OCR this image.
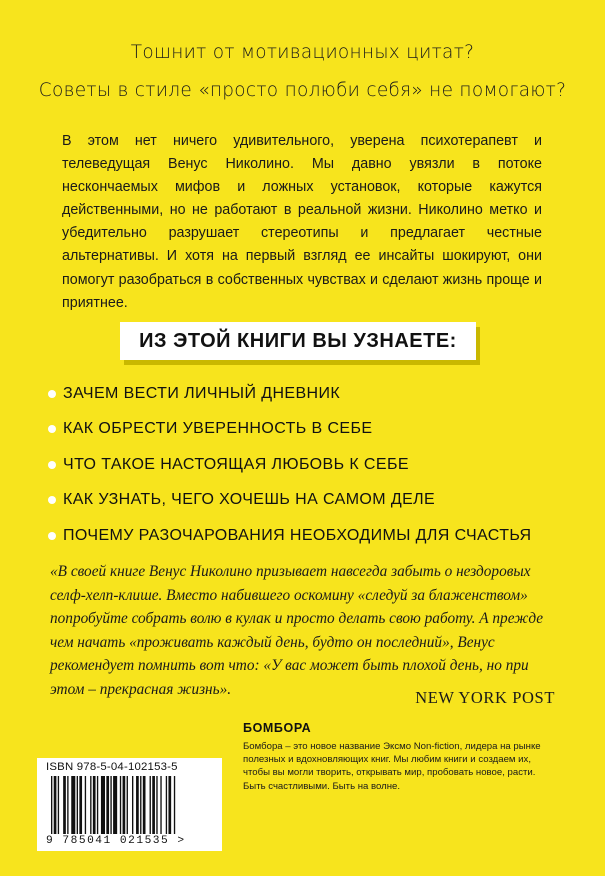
Тошнит от мотивационных цитат?
Советы в стиле «просто полюби себя» не помогают?
В этом нет ничего удивительного, уверена психотерапевт и телеведущая Венус Николино. Мы давно увязли в потоке нескончаемых мифов и ложных установок, которые кажутся действенными, но не работают в реальной жизни. Николино метко и убедительно разрушает стереотипы и предлагает честные альтернативы. И хотя на первый взгляд ее инсайты шокируют, они помогут разобраться в собственных чувствах и сделают жизнь проще и приятнее.
ИЗ ЭТОЙ КНИГИ ВЫ УЗНАЕТЕ:
ЗАЧЕМ ВЕСТИ ЛИЧНЫЙ ДНЕВНИК
КАК ОБРЕСТИ УВЕРЕННОСТЬ В СЕБЕ
ЧТО ТАКОЕ НАСТОЯЩАЯ ЛЮБОВЬ К СЕБЕ
КАК УЗНАТЬ, ЧЕГО ХОЧЕШЬ НА САМОМ ДЕЛЕ
ПОЧЕМУ РАЗОЧАРОВАНИЯ НЕОБХОДИМЫ ДЛЯ СЧАСТЬЯ
«В своей книге Венус Николино призывает навсегда забыть о нездоровых селф-хелп-клише. Вместо набившего оскомину «следуй за блаженством» попробуйте собрать волю в кулак и просто делать свою работу. А прежде чем начать «проживать каждый день, будто он последний», Венус рекомендует помнить вот что: «У вас может быть плохой день, но при этом – прекрасная жизнь».	NEW YORK POST
ISBN 978-5-04-102153-5
9 785041 021535 >
БОМБОРА
Бомбора – это новое название Эксмо Non-fiction, лидера на рынке полезных и вдохновляющих книг. Мы любим книги и создаем их, чтобы вы могли творить, открывать мир, пробовать новое, расти. Быть счастливыми. Быть на волне.
